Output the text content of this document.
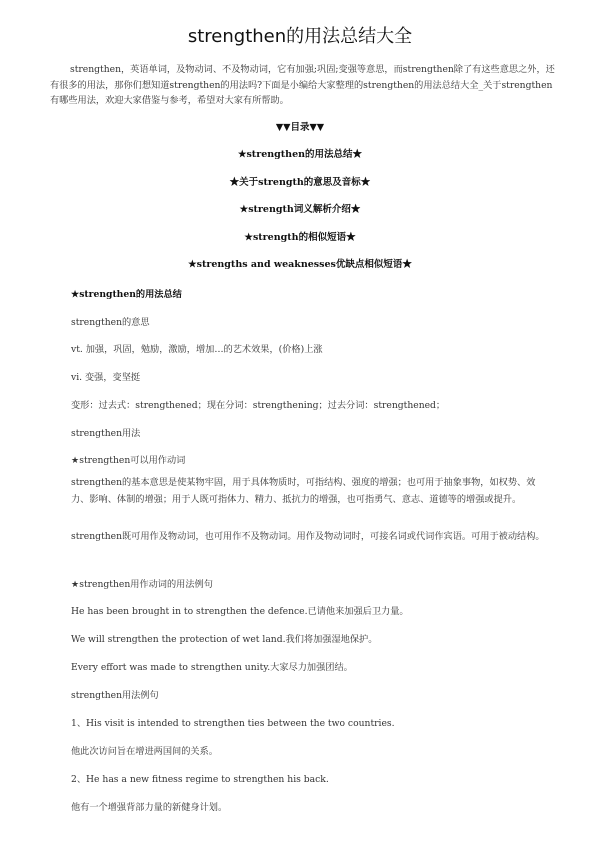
strengthen的用法总结大全
strengthen，英语单词，及物动词、不及物动词，它有加强;巩固;变强等意思，而strengthen除了有这些意思之外，还有很多的用法，那你们想知道strengthen的用法吗?下面是小编给大家整理的strengthen的用法总结大全_关于strengthen有哪些用法，欢迎大家借鉴与参考，希望对大家有所帮助。
▼▼目录▼▼
★strengthen的用法总结★
★关于strength的意思及音标★
★strength词义解析介绍★
★strength的相似短语★
★strengths and weaknesses优缺点相似短语★
★strengthen的用法总结
strengthen的意思
vt. 加强，巩固，勉励，激励，增加…的艺术效果，(价格)上涨
vi. 变强，变坚挺
变形：过去式：strengthened；现在分词：strengthening；过去分词：strengthened；
strengthen用法
★strengthen可以用作动词
strengthen的基本意思是使某物牢固，用于具体物质时，可指结构、强度的增强；也可用于抽象事物，如权势、效力、影响、体制的增强；用于人既可指体力、精力、抵抗力的增强，也可指勇气、意志、道德等的增强或提升。
strengthen既可用作及物动词，也可用作不及物动词。用作及物动词时，可接名词或代词作宾语。可用于被动结构。
★strengthen用作动词的用法例句
He has been brought in to strengthen the defence.已请他来加强后卫力量。
We will strengthen the protection of wet land.我们将加强湿地保护。
Every effort was made to strengthen unity.大家尽力加强团结。
strengthen用法例句
1、His visit is intended to strengthen ties between the two countries.
他此次访问旨在增进两国间的关系。
2、He has a new fitness regime to strengthen his back.
他有一个增强背部力量的新健身计划。
